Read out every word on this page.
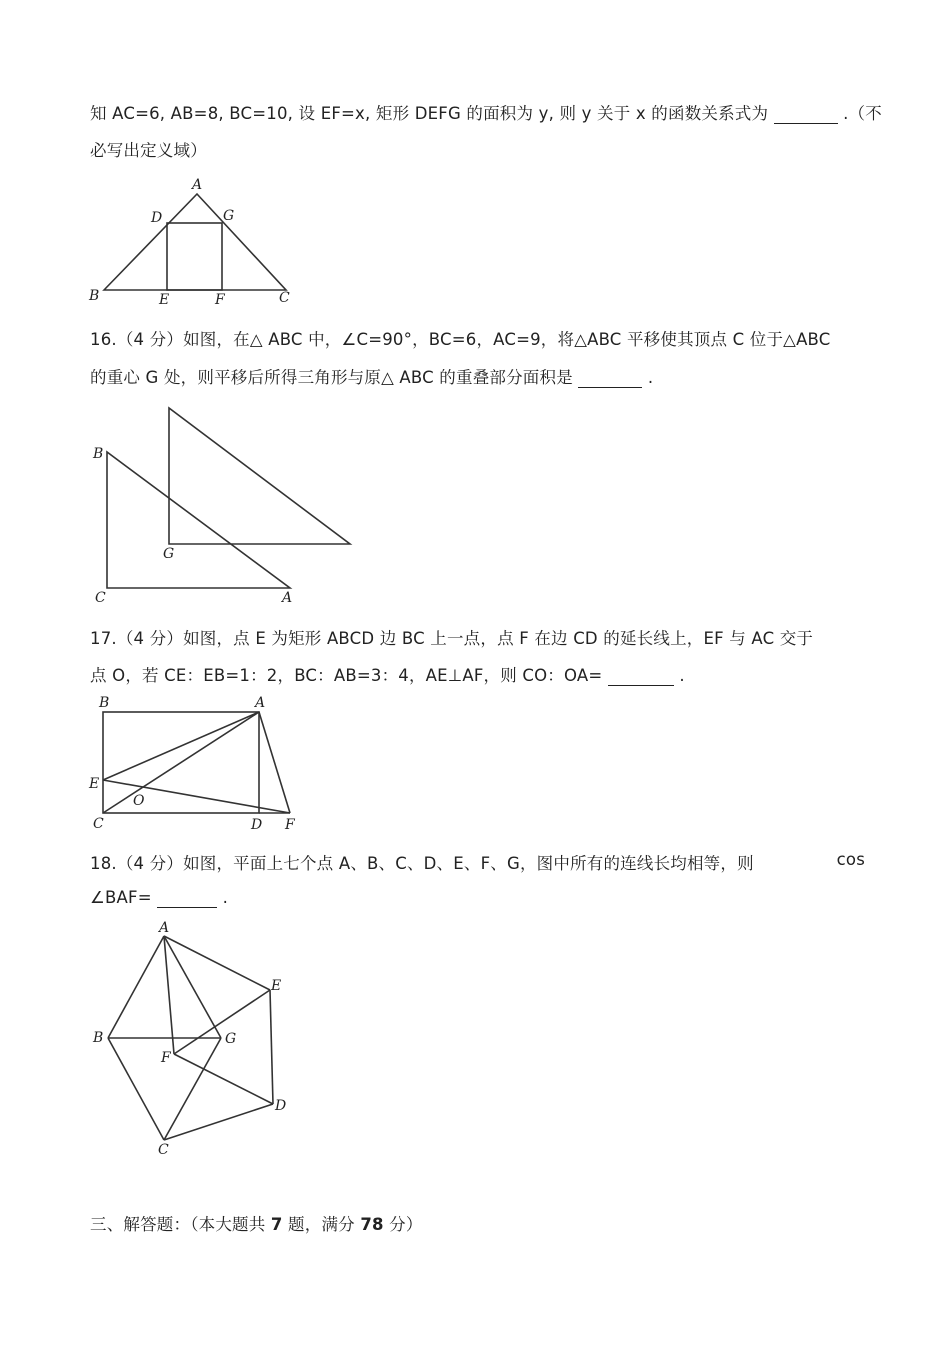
知 AC=6, AB=8, BC=10, 设 EF=x, 矩形 DEFG 的面积为 y, 则 y 关于 x 的函数关系式为	.（不
必写出定义域）
A
D	G
B	E	F	C
16.（4 分）如图，在△ ABC 中，∠C=90°，BC=6，AC=9，将△ABC 平移使其顶点 C 位于△ABC
的重心 G 处，则平移后所得三角形与原△ ABC 的重叠部分面积是	.
B
G
C	A
17.（4 分）如图，点 E 为矩形 ABCD 边 BC 上一点，点 F 在边 CD 的延长线上，EF 与 AC 交于
点 O，若 CE：EB=1：2，BC：AB=3：4，AE⊥AF，则 CO：OA=	.
B	A
E
O
C	D F
18.（4 分）如图，平面上七个点 A、B、C、D、E、F、G，图中所有的连线长均相等，则	cos
∠BAF=	.
A
E
B	G
F
D
C
三、解答题：（本大题共 7 题，满分 78 分）
